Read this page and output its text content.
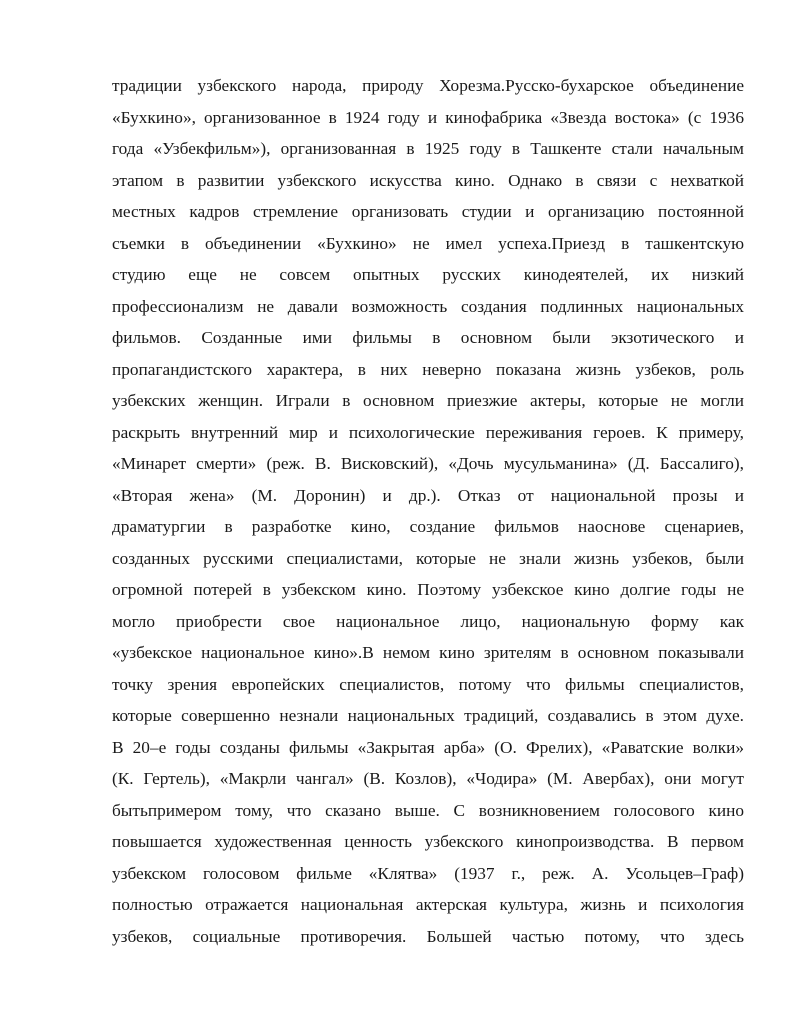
традиции узбекского народа, природу Хорезма.Русско-бухарское объединение
«Бухкино», организованное в 1924 году и кинофабрика «Звезда востока» (с 1936
года «Узбекфильм»), организованная в 1925 году в Ташкенте стали начальным
этапом в развитии узбекского искусства кино. Однако в связи с нехваткой
местных кадров стремление организовать студии и организацию постоянной
съемки в объединении «Бухкино» не имел успеха.Приезд в ташкентскую
студию еще не совсем опытных русских кинодеятелей, их низкий
профессионализм не давали возможность создания подлинных национальных
фильмов. Созданные ими фильмы в основном были экзотического и
пропагандистского характера, в них неверно показана жизнь узбеков, роль
узбекских женщин. Играли в основном приезжие актеры, которые не могли
раскрыть внутренний мир и психологические переживания героев. К примеру,
«Минарет смерти» (реж. В. Висковский), «Дочь мусульманина» (Д. Бассалиго),
«Вторая жена» (М. Доронин) и др.). Отказ от национальной прозы и
драматургии в разработке кино, создание фильмов наоснове сценариев,
созданных русскими специалистами, которые не знали жизнь узбеков, были
огромной потерей в узбекском кино. Поэтому узбекское кино долгие годы не
могло приобрести свое национальное лицо, национальную форму как
«узбекское национальное кино».В немом кино зрителям в основном показывали
точку зрения европейских специалистов, потому что фильмы специалистов,
которые совершенно незнали национальных традиций, создавались в этом духе.
В 20–е годы созданы фильмы «Закрытая арба» (О. Фрелих), «Раватские волки»
(К. Гертель), «Макрли чангал» (В. Козлов), «Чодира» (М. Авербах), они могут
бытьпримером тому, что сказано выше. С возникновением голосового кино
повышается художественная ценность узбекского кинопроизводства. В первом
узбекском голосовом фильме «Клятва» (1937 г., реж. А. Усольцев–Граф)
полностью отражается национальная актерская культура, жизнь и психология
узбеков, социальные противоречия. Большей частью потому, что здесь
